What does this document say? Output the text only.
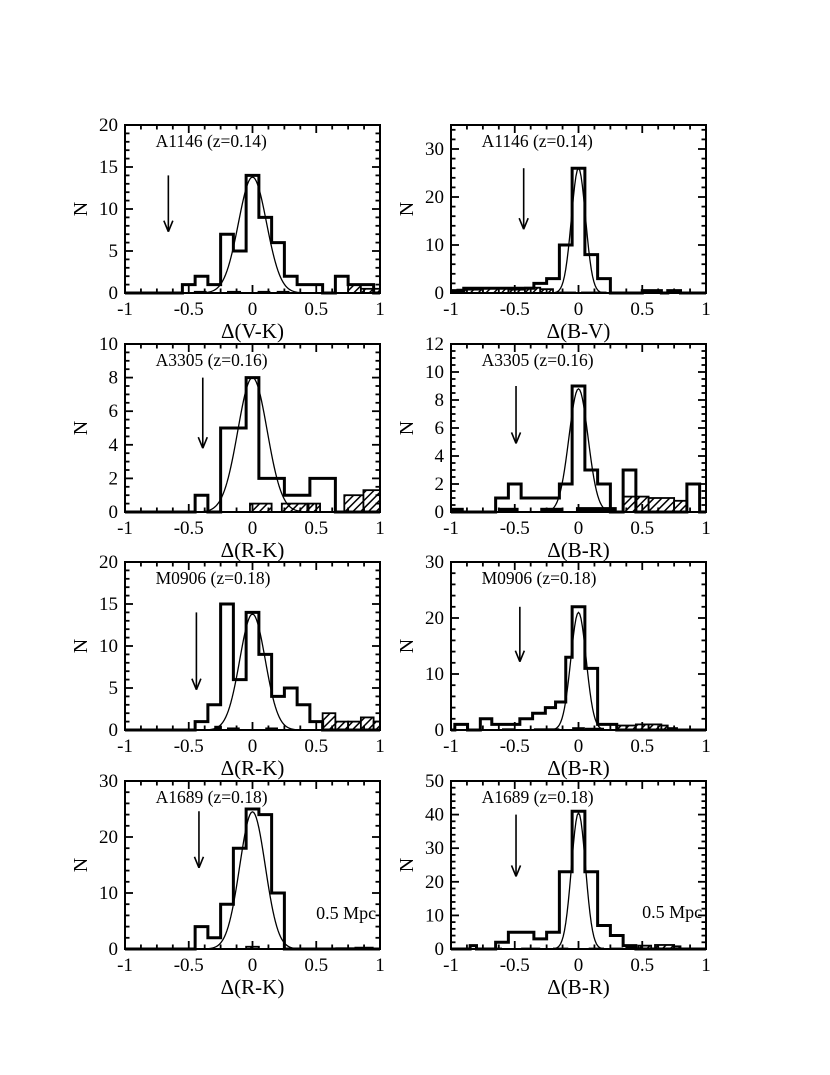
0
5
10
15
20
-1 -0.5 0 0.5 1
A1146 (z=0.14)
Δ(V-K)
N
0
10
20
30
-1 -0.5 0 0.5 1
A1146 (z=0.14)
Δ(B-V)
N
0
2
4
6
8
10
-1 -0.5 0 0.5 1
A3305 (z=0.16)
Δ(R-K)
N
0
2
4
6
8
10
12
-1 -0.5 0 0.5 1
A3305 (z=0.16)
Δ(B-R)
N
0
5
10
15
20
-1 -0.5 0 0.5 1
M0906 (z=0.18)
Δ(R-K)
N
0
10
20
30
-1 -0.5 0 0.5 1
M0906 (z=0.18)
Δ(B-R)
N
0
10
20
30
-1 -0.5 0 0.5 1
A1689 (z=0.18)
0.5 Mpc
Δ(R-K)
N
0
10
20
30
40
50
-1 -0.5 0 0.5 1
A1689 (z=0.18)
0.5 Mpc
Δ(B-R)
N
